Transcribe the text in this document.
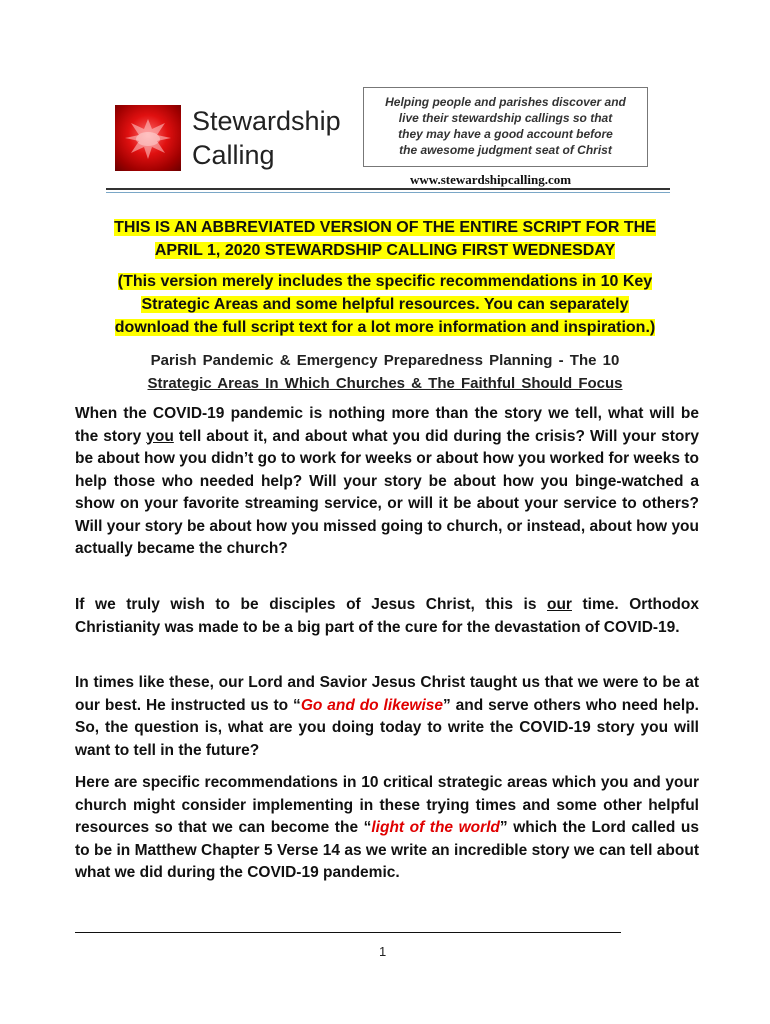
Stewardship
Calling
Helping people and parishes discover and
live their stewardship callings so that
they may have a good account before
the awesome judgment seat of Christ
www.stewardshipcalling.com
THIS IS AN ABBREVIATED VERSION OF THE ENTIRE SCRIPT FOR THE
APRIL 1, 2020 STEWARDSHIP CALLING FIRST WEDNESDAY
(This version merely includes the specific recommendations in 10 Key
Strategic Areas and some helpful resources. You can separately
download the full script text for a lot more information and inspiration.)
Parish Pandemic & Emergency Preparedness Planning - The 10
Strategic Areas In Which Churches & The Faithful Should Focus
When the COVID-19 pandemic is nothing more than the story we tell, what will be the story you tell about it, and about what you did during the crisis? Will your story be about how you didn’t go to work for weeks or about how you worked for weeks to help those who needed help? Will your story be about how you binge-watched a show on your favorite streaming service, or will it be about your service to others? Will your story be about how you missed going to church, or instead, about how you actually became the church?
If we truly wish to be disciples of Jesus Christ, this is our time. Orthodox Christianity was made to be a big part of the cure for the devastation of COVID-19.
In times like these, our Lord and Savior Jesus Christ taught us that we were to be at our best. He instructed us to “Go and do likewise” and serve others who need help. So, the question is, what are you doing today to write the COVID-19 story you will want to tell in the future?
Here are specific recommendations in 10 critical strategic areas which you and your church might consider implementing in these trying times and some other helpful resources so that we can become the “light of the world” which the Lord called us to be in Matthew Chapter 5 Verse 14 as we write an incredible story we can tell about what we did during the COVID-19 pandemic.
1
